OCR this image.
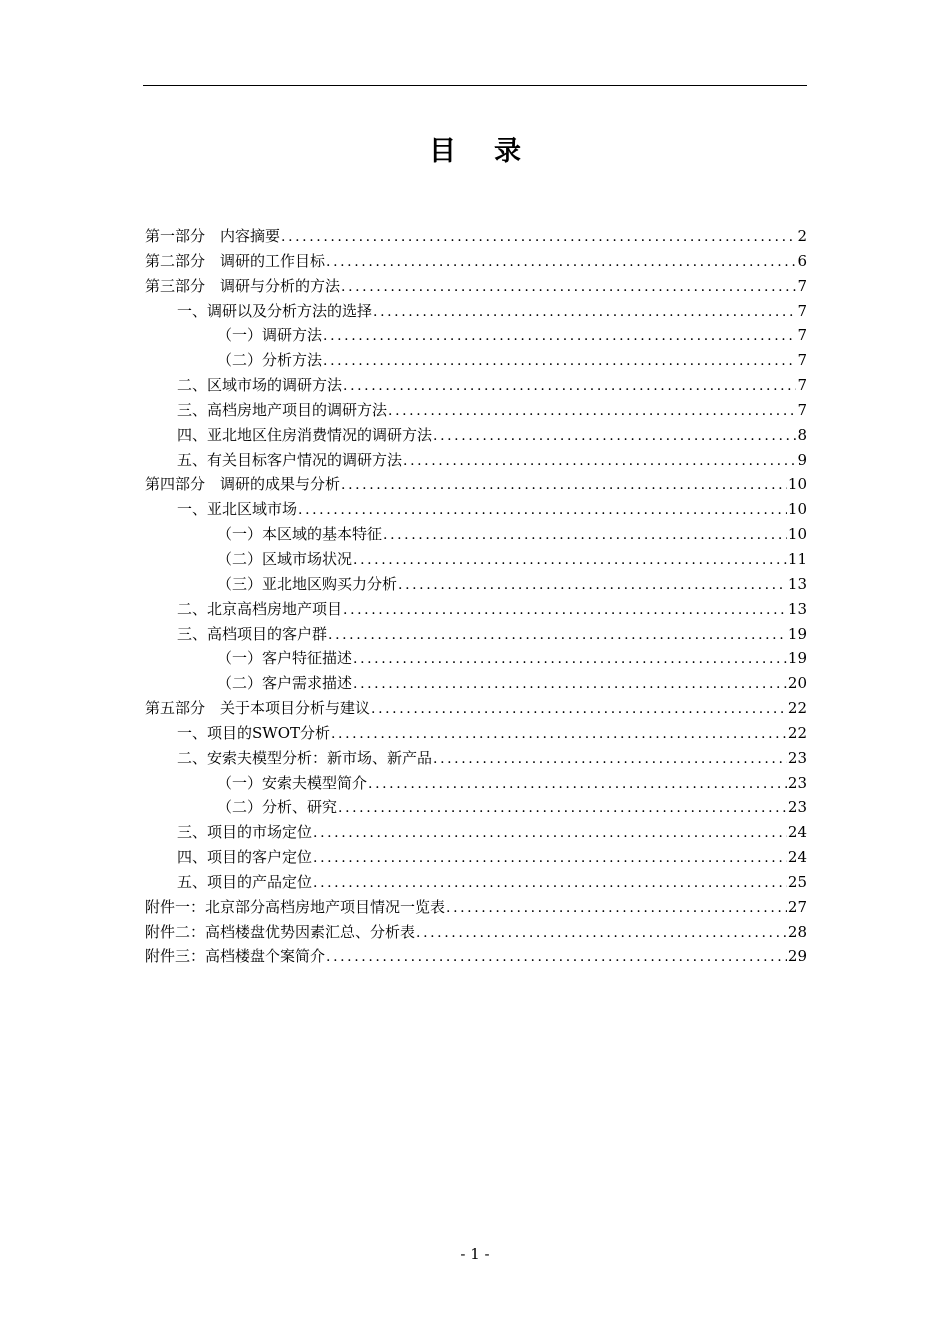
目录
第一部分　内容摘要 .....	2
第二部分　调研的工作目标 .....	6
第三部分　调研与分析的方法 .....	7
一、调研以及分析方法的选择 .....	7
（一）调研方法 .....	7
（二）分析方法 .....	7
二、区域市场的调研方法 .....	7
三、高档房地产项目的调研方法 .....	7
四、亚北地区住房消费情况的调研方法 .....	8
五、有关目标客户情况的调研方法 .....	9
第四部分　调研的成果与分析 .....	10
一、亚北区域市场 .....	10
（一）本区域的基本特征 .....	10
（二）区域市场状况 .....	11
（三）亚北地区购买力分析 .....	13
二、北京高档房地产项目 .....	13
三、高档项目的客户群 .....	19
（一）客户特征描述 .....	19
（二）客户需求描述 .....	20
第五部分　关于本项目分析与建议 .....	22
一、项目的SWOT分析 .....	22
二、安索夫模型分析：新市场、新产品 .....	23
（一）安索夫模型简介 .....	23
（二）分析、研究 .....	23
三、项目的市场定位 .....	24
四、项目的客户定位 .....	24
五、项目的产品定位 .....	25
附件一：北京部分高档房地产项目情况一览表 .....	27
附件二：高档楼盘优势因素汇总、分析表 .....	28
附件三：高档楼盘个案简介 .....	29
- 1 -
